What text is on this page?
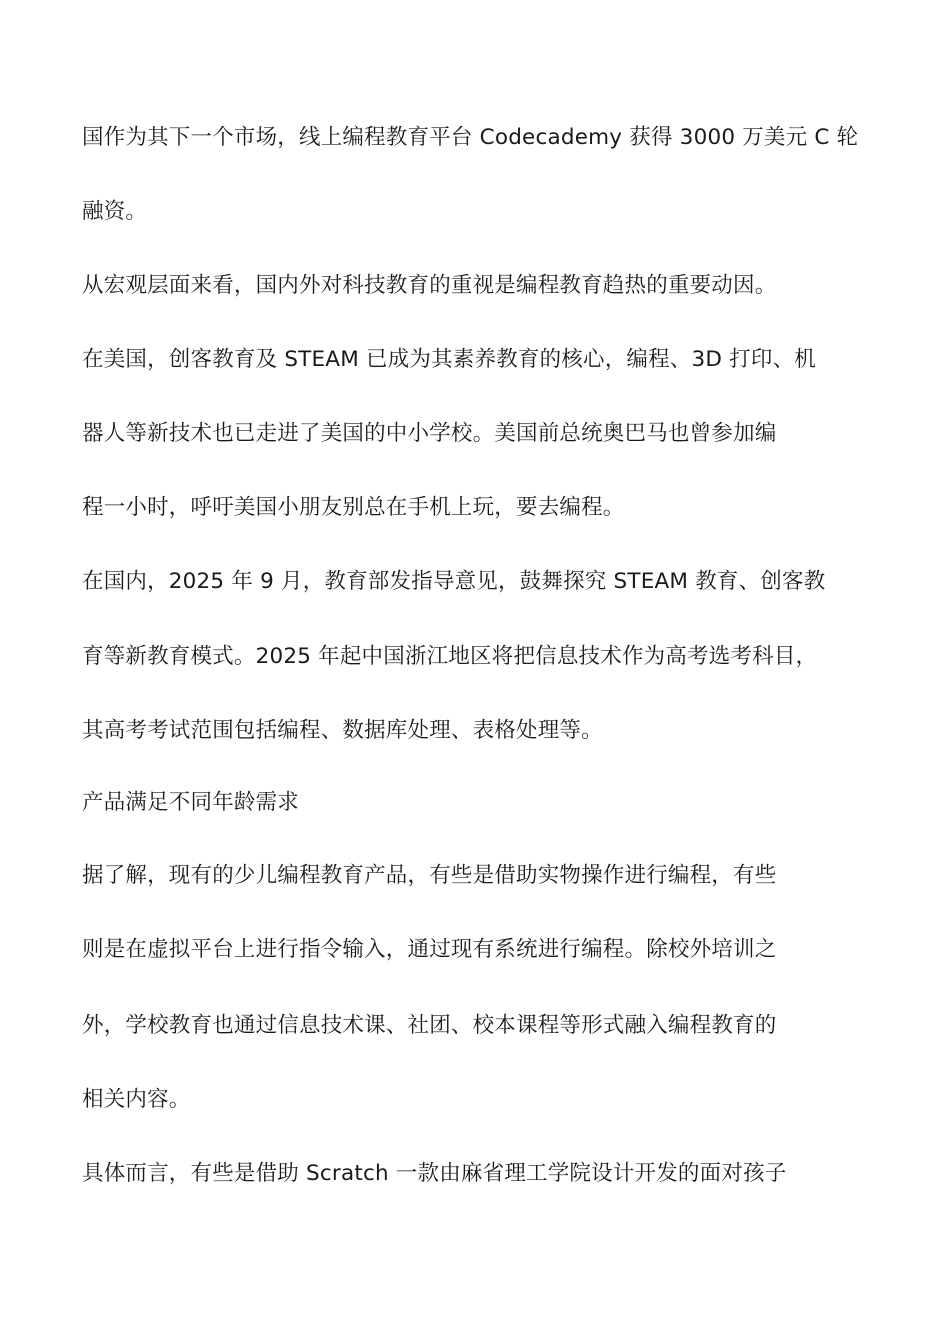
国作为其下一个市场，线上编程教育平台 Codecademy 获得 3000 万美元 C 轮
融资。
从宏观层面来看，国内外对科技教育的重视是编程教育趋热的重要动因。
在美国，创客教育及 STEAM 已成为其素养教育的核心，编程、3D 打印、机
器人等新技术也已走进了美国的中小学校。美国前总统奥巴马也曾参加编
程一小时，呼吁美国小朋友别总在手机上玩，要去编程。
在国内，2025 年 9 月，教育部发指导意见，鼓舞探究 STEAM 教育、创客教
育等新教育模式。2025 年起中国浙江地区将把信息技术作为高考选考科目，
其高考考试范围包括编程、数据库处理、表格处理等。
产品满足不同年龄需求
据了解，现有的少儿编程教育产品，有些是借助实物操作进行编程，有些
则是在虚拟平台上进行指令输入，通过现有系统进行编程。除校外培训之
外，学校教育也通过信息技术课、社团、校本课程等形式融入编程教育的
相关内容。
具体而言，有些是借助 Scratch 一款由麻省理工学院设计开发的面对孩子
